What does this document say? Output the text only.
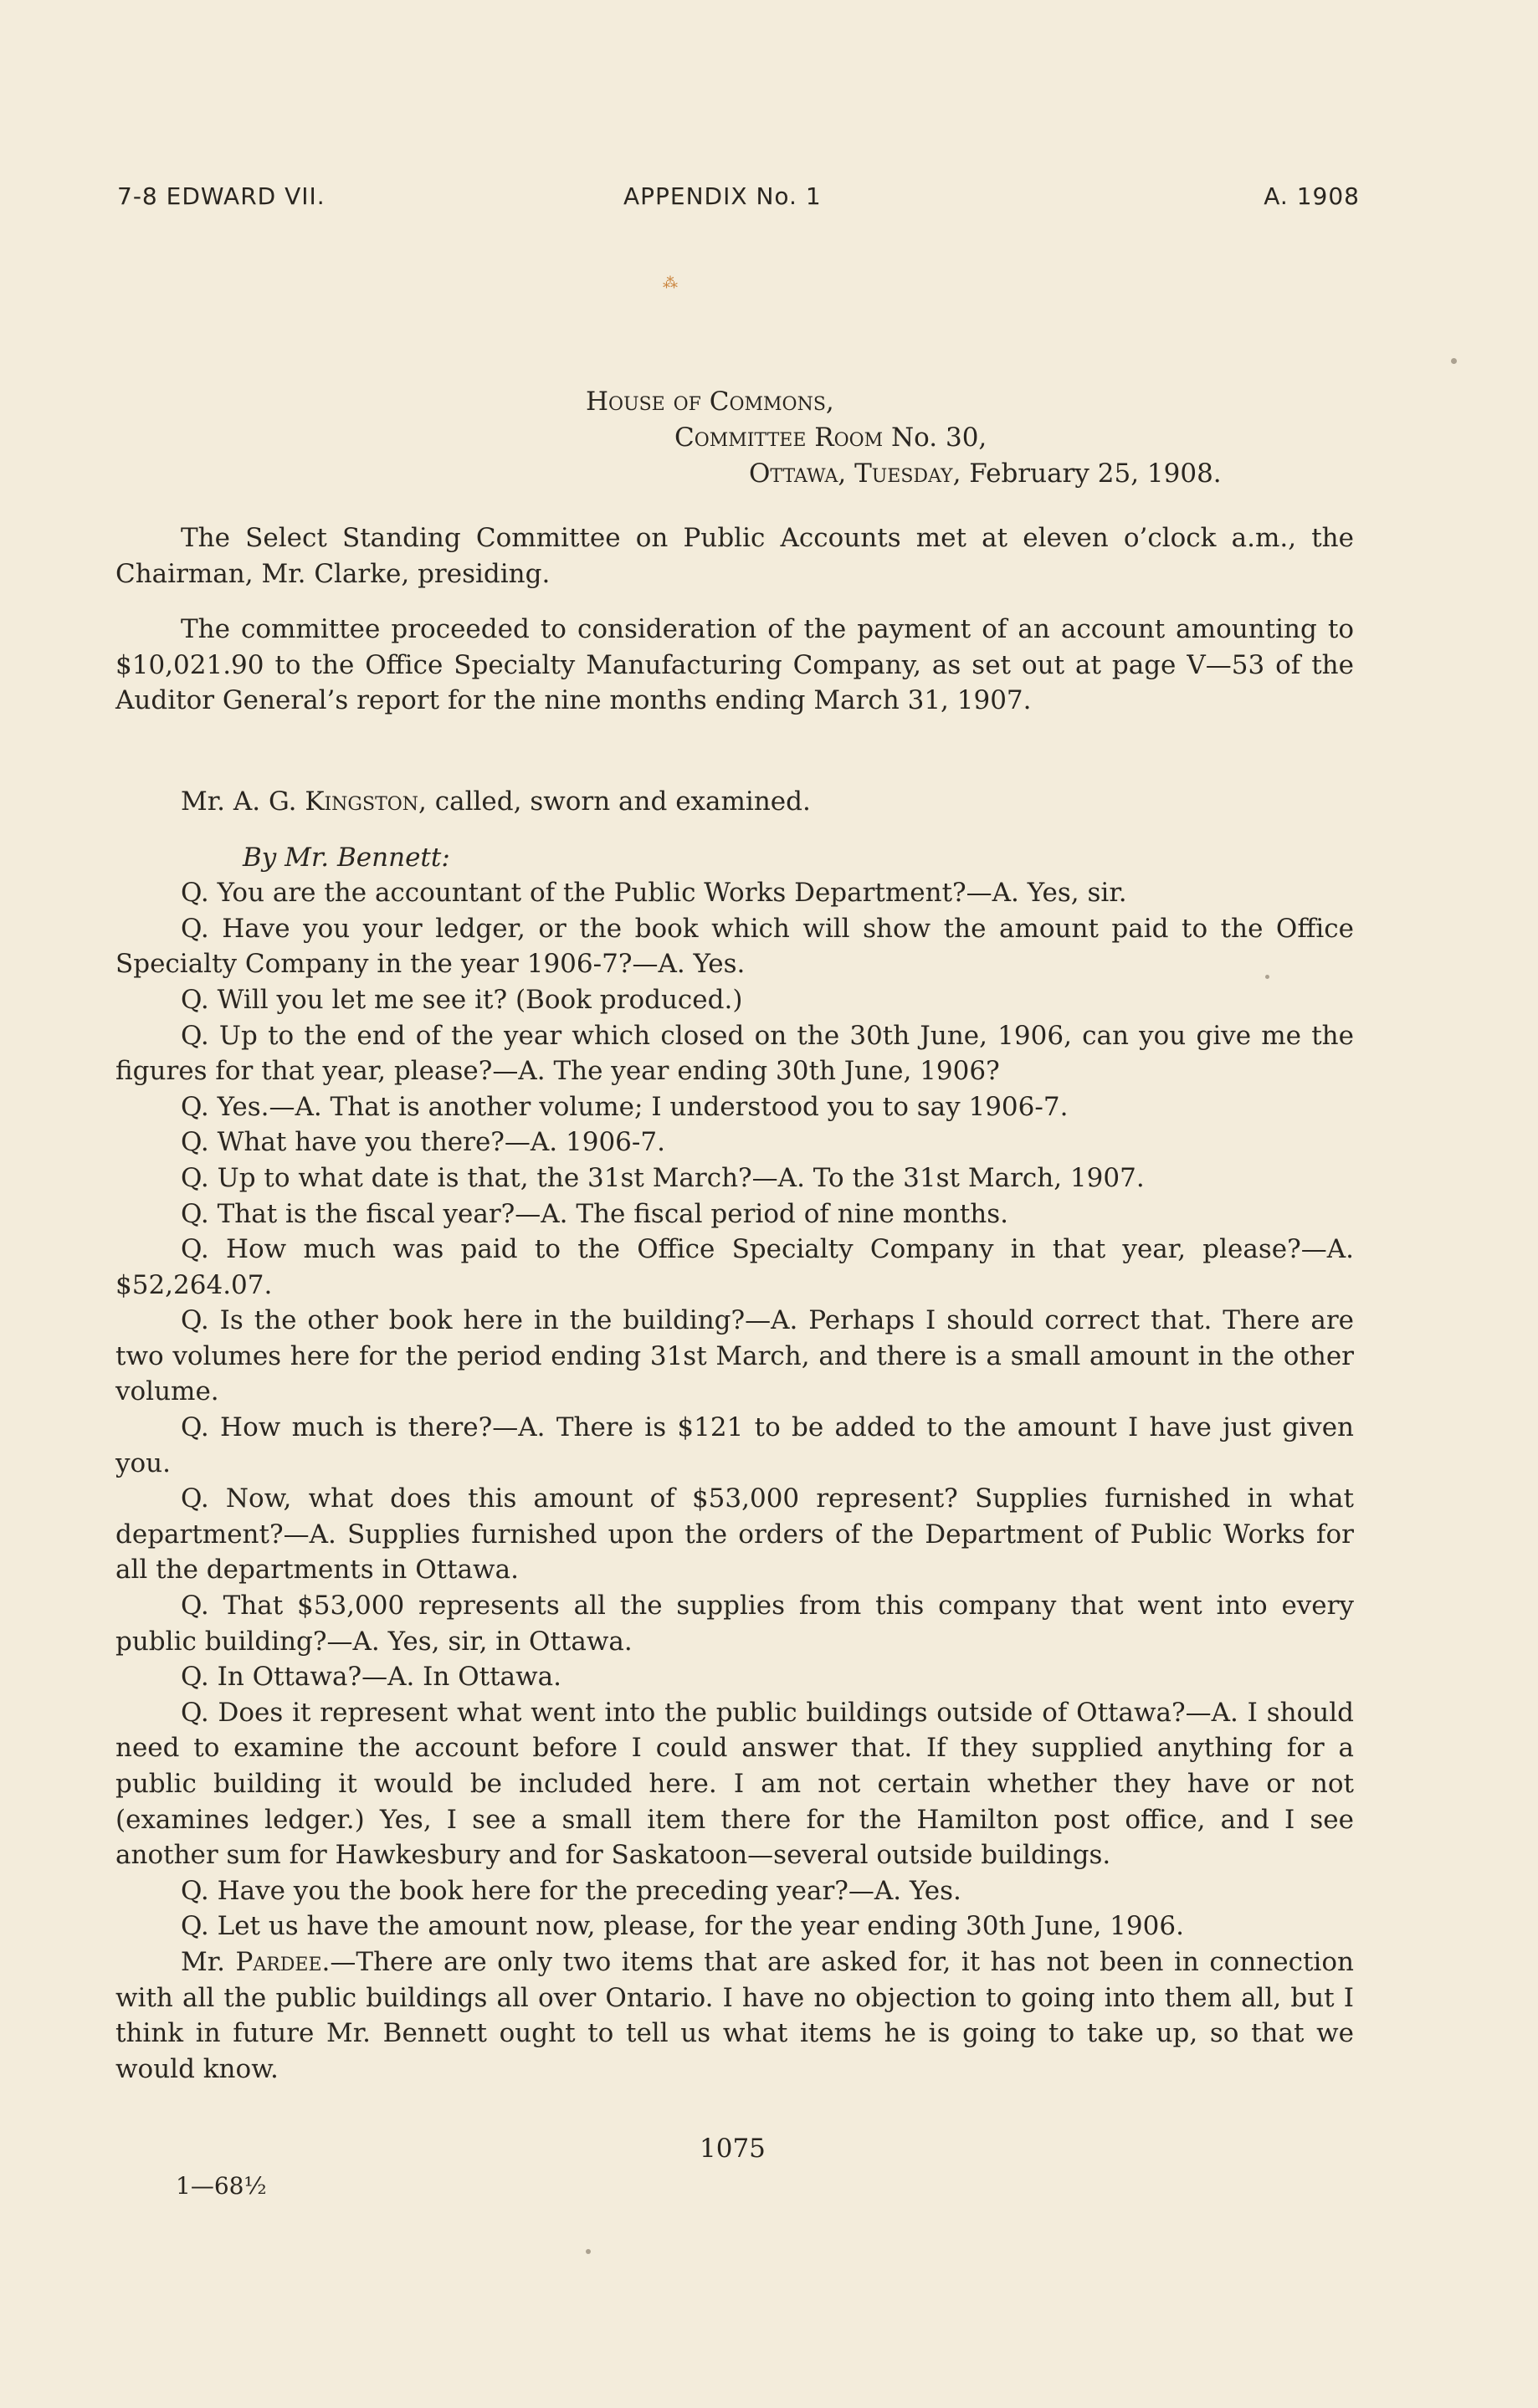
7-8 EDWARD VII.	APPENDIX No. 1	A. 1908
⁂
House of Commons,
Committee Room No. 30,
Ottawa, Tuesday, February 25, 1908.

The Select Standing Committee on Public Accounts met at eleven o’clock a.m., the Chairman, Mr. Clarke, presiding.

The committee proceeded to consideration of the payment of an account amounting to $10,021.90 to the Office Specialty Manufacturing Company, as set out at page V—53 of the Auditor General’s report for the nine months ending March 31, 1907.

Mr. A. G. Kingston, called, sworn and examined.

By Mr. Bennett:

Q. You are the accountant of the Public Works Department?—A. Yes, sir.

Q. Have you your ledger, or the book which will show the amount paid to the Office Specialty Company in the year 1906-7?—A. Yes.

Q. Will you let me see it? (Book produced.)

Q. Up to the end of the year which closed on the 30th June, 1906, can you give me the figures for that year, please?—A. The year ending 30th June, 1906?

Q. Yes.—A. That is another volume; I understood you to say 1906-7.

Q. What have you there?—A. 1906-7.

Q. Up to what date is that, the 31st March?—A. To the 31st March, 1907.

Q. That is the fiscal year?—A. The fiscal period of nine months.

Q. How much was paid to the Office Specialty Company in that year, please?—A. $52,264.07.

Q. Is the other book here in the building?—A. Perhaps I should correct that. There are two volumes here for the period ending 31st March, and there is a small amount in the other volume.

Q. How much is there?—A. There is $121 to be added to the amount I have just given you.

Q. Now, what does this amount of $53,000 represent? Supplies furnished in what department?—A. Supplies furnished upon the orders of the Department of Public Works for all the departments in Ottawa.

Q. That $53,000 represents all the supplies from this company that went into every public building?—A. Yes, sir, in Ottawa.

Q. In Ottawa?—A. In Ottawa.

Q. Does it represent what went into the public buildings outside of Ottawa?—A. I should need to examine the account before I could answer that. If they supplied anything for a public building it would be included here. I am not certain whether they have or not (examines ledger.) Yes, I see a small item there for the Hamilton post office, and I see another sum for Hawkesbury and for Saskatoon—several outside buildings.

Q. Have you the book here for the preceding year?—A. Yes.

Q. Let us have the amount now, please, for the year ending 30th June, 1906.

Mr. Pardee.—There are only two items that are asked for, it has not been in connection with all the public buildings all over Ontario. I have no objection to going into them all, but I think in future Mr. Bennett ought to tell us what items he is going to take up, so that we would know.

1075
1—68½
